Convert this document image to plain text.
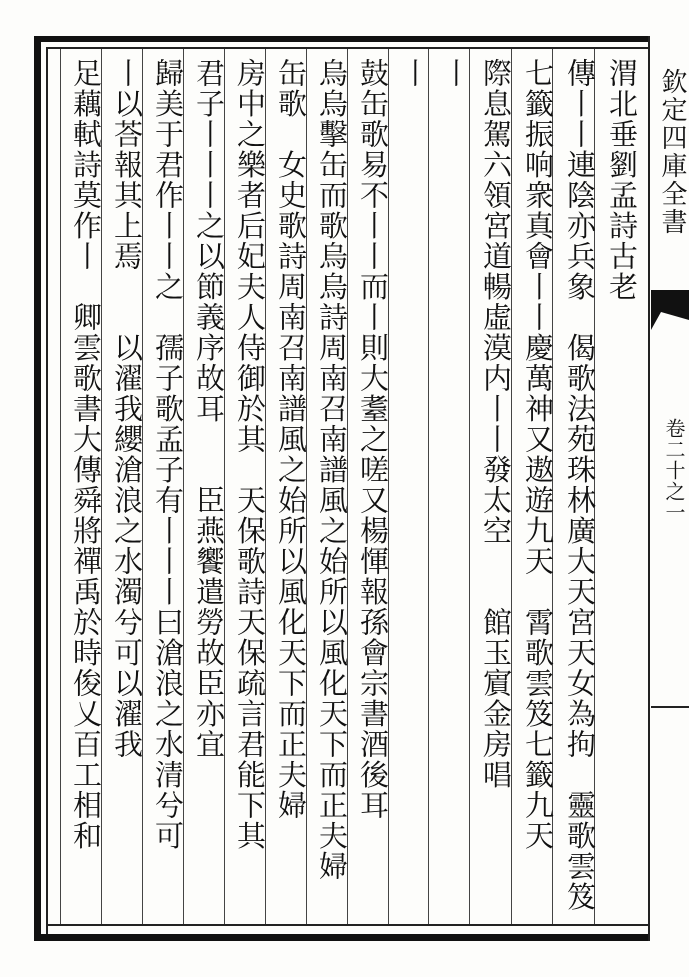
欽定四庫全書
卷二十之一
渭北垂劉孟詩古老
傳丨丨連陰亦兵象　偈歌法苑珠林廣大天宮天女為拘　靈歌雲笈
七籤振响衆真會丨丨慶萬神又遨遊九天　霄歌雲笈七籤九天
際息駕六領宮道暢虛漠内丨丨發太空　　館玉賔金房唱
丨
丨
鼓缶歌易不丨丨而丨則大耋之嗟又楊惲報孫會宗書酒後耳
烏烏擊缶而歌烏烏詩周南召南譜風之始所以風化天下而正夫婦
缶歌　女史歌詩周南召南譜風之始所以風化天下而正夫婦
房中之樂者后妃夫人侍御於其　天保歌詩天保疏言君能下其
君子丨丨丨之以節義序故耳　　臣燕饗遣勞故臣亦宜
歸美于君作丨丨之　孺子歌孟子有丨丨丨曰滄浪之水清兮可
丨以荅報其上焉　　以濯我纓滄浪之水濁兮可以濯我
足藕軾詩莫作丨　卿雲歌書大傳舜將禪禹於時俊乂百工相和
